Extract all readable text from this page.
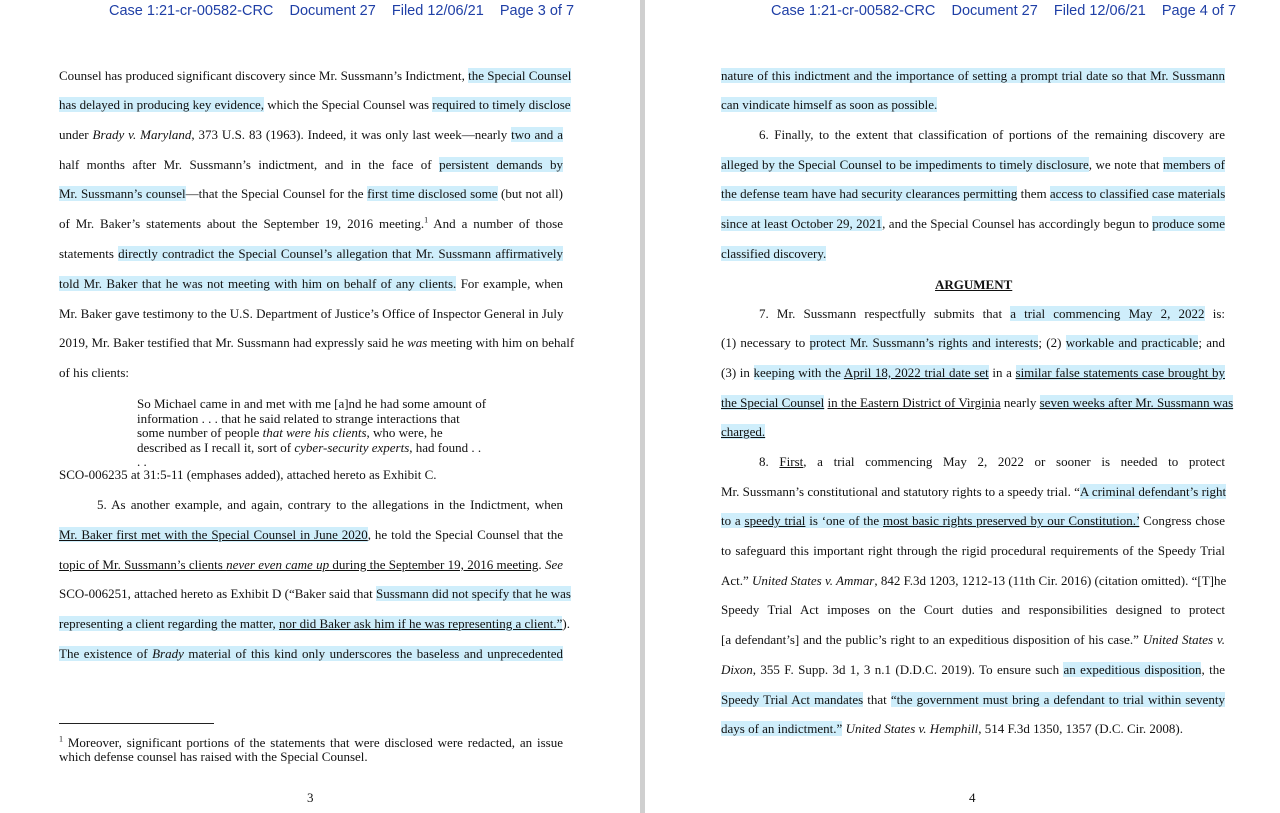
Case 1:21-cr-00582-CRC    Document 27    Filed 12/06/21    Page 3 of 7
Counsel has produced significant discovery since Mr. Sussmann’s Indictment, the Special Counsel
has delayed in producing key evidence, which the Special Counsel was required to timely disclose
under Brady v. Maryland, 373 U.S. 83 (1963). Indeed, it was only last week—nearly two and a
half months after Mr. Sussmann’s indictment, and in the face of persistent demands by
Mr. Sussmann’s counsel—that the Special Counsel for the first time disclosed some (but not all)
of Mr. Baker’s statements about the September 19, 2016 meeting.$^1$ And a number of those
statements directly contradict the Special Counsel’s allegation that Mr. Sussmann affirmatively
told Mr. Baker that he was not meeting with him on behalf of any clients. For example, when
Mr. Baker gave testimony to the U.S. Department of Justice’s Office of Inspector General in July
2019, Mr. Baker testified that Mr. Sussmann had expressly said he was meeting with him on behalf
of his clients:
So Michael came in and met with me [a]nd he had some amount of information . . . that he said related to strange interactions that some number of people that were his clients, who were, he described as I recall it, sort of cyber-security experts, had found . . . .
SCO-006235 at 31:5-11 (emphases added), attached hereto as Exhibit C.
5. As another example, and again, contrary to the allegations in the Indictment, when
Mr. Baker first met with the Special Counsel in June 2020, he told the Special Counsel that the
topic of Mr. Sussmann’s clients never even came up during the September 19, 2016 meeting. See
SCO-006251, attached hereto as Exhibit D (“Baker said that Sussmann did not specify that he was
representing a client regarding the matter, nor did Baker ask him if he was representing a client.”).
The existence of Brady material of this kind only underscores the baseless and unprecedented
$^1$ Moreover, significant portions of the statements that were disclosed were redacted, an issue which defense counsel has raised with the Special Counsel.
3
Case 1:21-cr-00582-CRC    Document 27    Filed 12/06/21    Page 4 of 7
nature of this indictment and the importance of setting a prompt trial date so that Mr. Sussmann
can vindicate himself as soon as possible.
6. Finally, to the extent that classification of portions of the remaining discovery are
alleged by the Special Counsel to be impediments to timely disclosure, we note that members of
the defense team have had security clearances permitting them access to classified case materials
since at least October 29, 2021, and the Special Counsel has accordingly begun to produce some
classified discovery.
ARGUMENT
7. Mr. Sussmann respectfully submits that a trial commencing May 2, 2022 is:
(1) necessary to protect Mr. Sussmann’s rights and interests; (2) workable and practicable; and
(3) in keeping with the April 18, 2022 trial date set in a similar false statements case brought by
the Special Counsel in the Eastern District of Virginia nearly seven weeks after Mr. Sussmann was
charged.
8. First, a trial commencing May 2, 2022 or sooner is needed to protect
Mr. Sussmann’s constitutional and statutory rights to a speedy trial. “A criminal defendant’s right
to a speedy trial is ‘one of the most basic rights preserved by our Constitution.’ Congress chose
to safeguard this important right through the rigid procedural requirements of the Speedy Trial
Act.” United States v. Ammar, 842 F.3d 1203, 1212-13 (11th Cir. 2016) (citation omitted). “[T]he
Speedy Trial Act imposes on the Court duties and responsibilities designed to protect
[a defendant’s] and the public’s right to an expeditious disposition of his case.” United States v.
Dixon, 355 F. Supp. 3d 1, 3 n.1 (D.D.C. 2019). To ensure such an expeditious disposition, the
Speedy Trial Act mandates that “the government must bring a defendant to trial within seventy
days of an indictment.” United States v. Hemphill, 514 F.3d 1350, 1357 (D.C. Cir. 2008).
4
